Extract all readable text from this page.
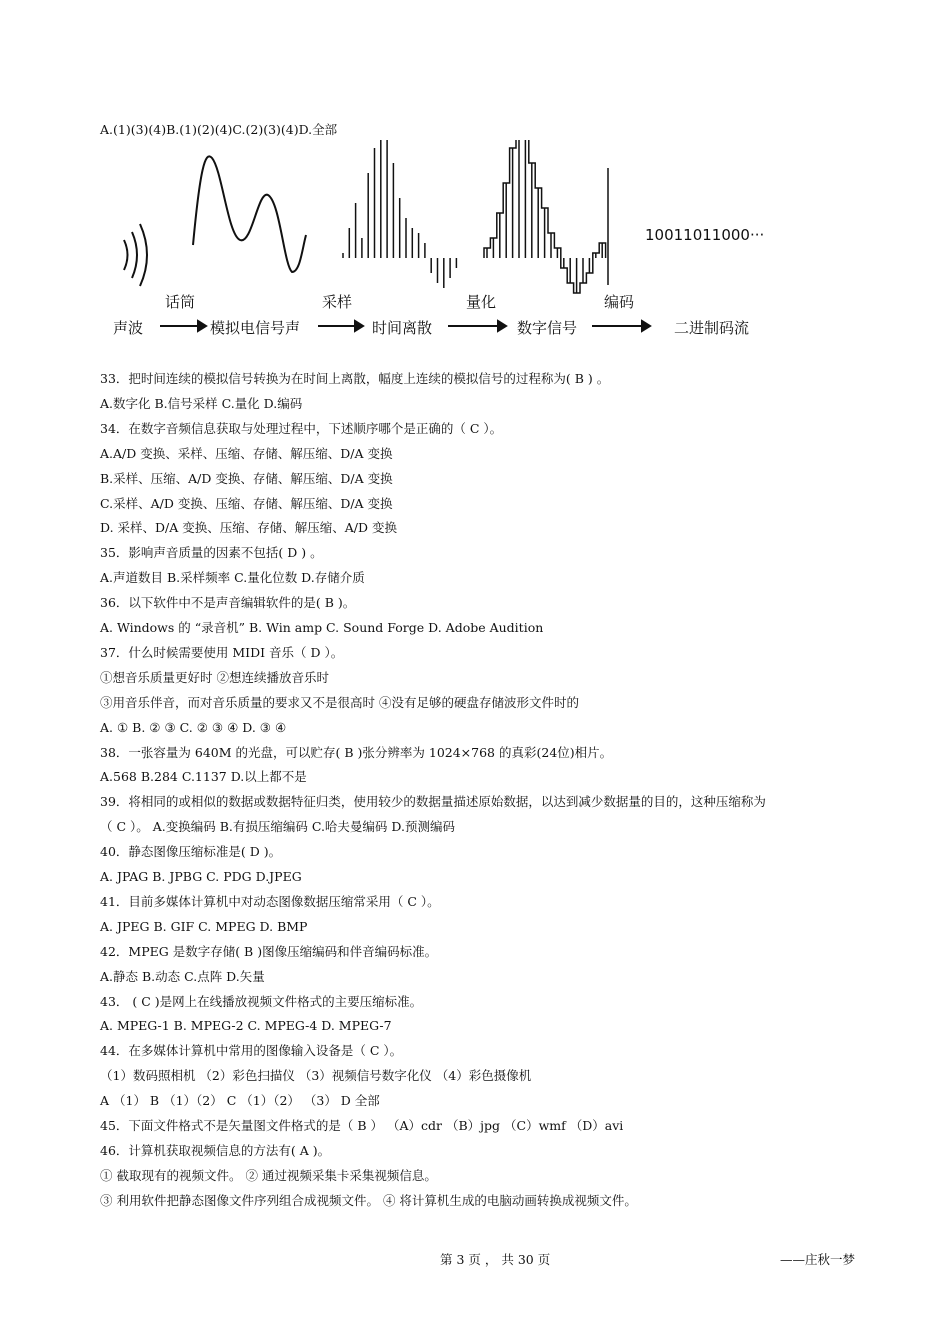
A.(1)(3)(4)B.(1)(2)(4)C.(2)(3)(4)D.全部
10011011000···
话筒	采样	量化	编码
声波	模拟电信号声	时间离散	数字信号	二进制码流
33．把时间连续的模拟信号转换为在时间上离散，幅度上连续的模拟信号的过程称为( B ) 。
A.数字化 B.信号采样 C.量化 D.编码
34．在数字音频信息获取与处理过程中，下述顺序哪个是正确的（ C ）。
A.A/D 变换、采样、压缩、存储、解压缩、D/A 变换
B.采样、压缩、A/D 变换、存储、解压缩、D/A 变换
C.采样、A/D 变换、压缩、存储、解压缩、D/A 变换
D. 采样、D/A 变换、压缩、存储、解压缩、A/D 变换
35．影响声音质量的因素不包括( D ) 。
A.声道数目 B.采样频率 C.量化位数 D.存储介质
36．以下软件中不是声音编辑软件的是( B )。
A. Windows 的 “录音机” B. Win amp C. Sound Forge D. Adobe Audition
37．什么时候需要使用 MIDI 音乐（ D ）。
①想音乐质量更好时 ②想连续播放音乐时
③用音乐伴音，而对音乐质量的要求又不是很高时 ④没有足够的硬盘存储波形文件时的
A. ① B. ② ③ C. ② ③ ④ D. ③ ④
38．一张容量为 640M 的光盘，可以贮存( B )张分辨率为 1024×768 的真彩(24位)相片。
A.568 B.284 C.1137 D.以上都不是
39．将相同的或相似的数据或数据特征归类，使用较少的数据量描述原始数据，以达到减少数据量的目的，这种压缩称为
（ C ）。 A.变换编码 B.有损压缩编码 C.哈夫曼编码 D.预测编码
40．静态图像压缩标准是( D )。
A. JPAG B. JPBG C. PDG D.JPEG
41．目前多媒体计算机中对动态图像数据压缩常采用（ C ）。
A. JPEG B. GIF C. MPEG D. BMP
42．MPEG 是数字存储( B )图像压缩编码和伴音编码标准。
A.静态 B.动态 C.点阵 D.矢量
43． ( C )是网上在线播放视频文件格式的主要压缩标准。
A. MPEG-1 B. MPEG-2 C. MPEG-4 D. MPEG-7
44．在多媒体计算机中常用的图像输入设备是（ C ）。
（1）数码照相机 （2）彩色扫描仪 （3）视频信号数字化仪 （4）彩色摄像机
A （1） B （1）（2） C （1）（2） （3） D 全部
45．下面文件格式不是矢量图文件格式的是（ B ） （A）cdr （B）jpg （C）wmf （D）avi
46．计算机获取视频信息的方法有( A )。
① 截取现有的视频文件。 ② 通过视频采集卡采集视频信息。
③ 利用软件把静态图像文件序列组合成视频文件。 ④ 将计算机生成的电脑动画转换成视频文件。
第 3 页 ， 共 30 页	——庄秋一梦
